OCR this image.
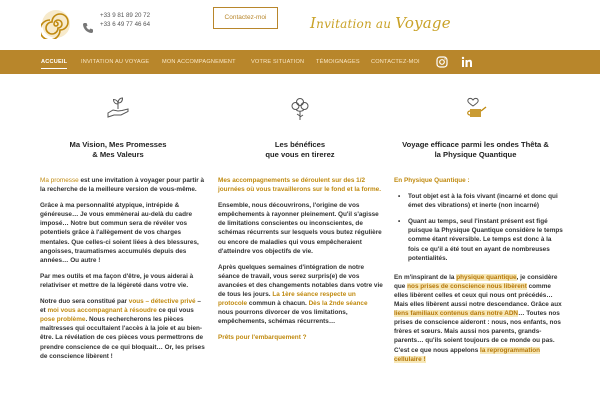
+33 9 81 89 20 72
+33 6 49 77 46 64
Contactez-moi	Invitation au Voyage
ACCUEIL INVITATION AU VOYAGE MON ACCOMPAGNEMENT	VOTRE SITUATION TÉMOIGNAGES CONTACTEZ-MOI
Ma Vision, Mes Promesses
& Mes Valeurs

Ma promesse est une invitation à voyager pour partir à la recherche de la meilleure version de vous-même.

Grâce à ma personnalité atypique, intrépide & généreuse… Je vous emmènerai au-delà du cadre imposé… Notre but commun sera de révéler vos potentiels grâce à l'allègement de vos charges mentales. Que celles-ci soient liées à des blessures, angoisses, traumatismes accumulés depuis des années… Ou autre !

Par mes outils et ma façon d'être, je vous aiderai à relativiser et mettre de la légèreté dans votre vie.

Notre duo sera constitué par vous – détective privé – et moi vous accompagnant à résoudre ce qui vous pose problème. Nous rechercherons les pièces maîtresses qui occultaient l'accès à la joie et au bien-être. La révélation de ces pièces vous permettrons de prendre conscience de ce qui bloquait… Or, les prises de conscience libèrent !

Les bénéfices
que vous en tirerez

Mes accompagnements se déroulent sur des 1/2 journées où vous travaillerons sur le fond et la forme.

Ensemble, nous découvrirons, l'origine de vos empêchements à rayonner pleinement. Qu'il s'agisse de limitations conscientes ou inconscientes, de schémas récurrents sur lesquels vous butez régulière ou encore de maladies qui vous empêcheraient d'atteindre vos objectifs de vie.

Après quelques semaines d'intégration de notre séance de travail, vous serez surpris(e) de vos avancées et des changements notables dans votre vie de tous les jours. La 1ère séance respecte un protocole commun à chacun. Dès la 2nde séance nous pourrons divorcer de vos limitations, empêchements, schémas récurrents…

Prêts pour l'embarquement ?

Voyage efficace parmi les ondes Thêta &
la Physique Quantique

En Physique Quantique :

• Tout objet est à la fois vivant (incarné et donc qui émet des vibrations) et inerte (non incarné)

• Quant au temps, seul l'instant présent est figé puisque la Physique Quantique considère le temps comme étant réversible. Le temps est donc à la fois ce qu'il a été tout en ayant de nombreuses potentialités.

En m'inspirant de la physique quantique, je considère que nos prises de conscience nous libèrent comme elles libèrent celles et ceux qui nous ont précédés… Mais elles libèrent aussi notre descendance. Grâce aux liens familiaux contenus dans notre ADN… Toutes nos prises de conscience aideront : nous, nos enfants, nos frères et sœurs. Mais aussi nos parents, grands-parents… qu'ils soient toujours de ce monde ou pas. C'est ce que nous appelons la reprogrammation cellulaire !
